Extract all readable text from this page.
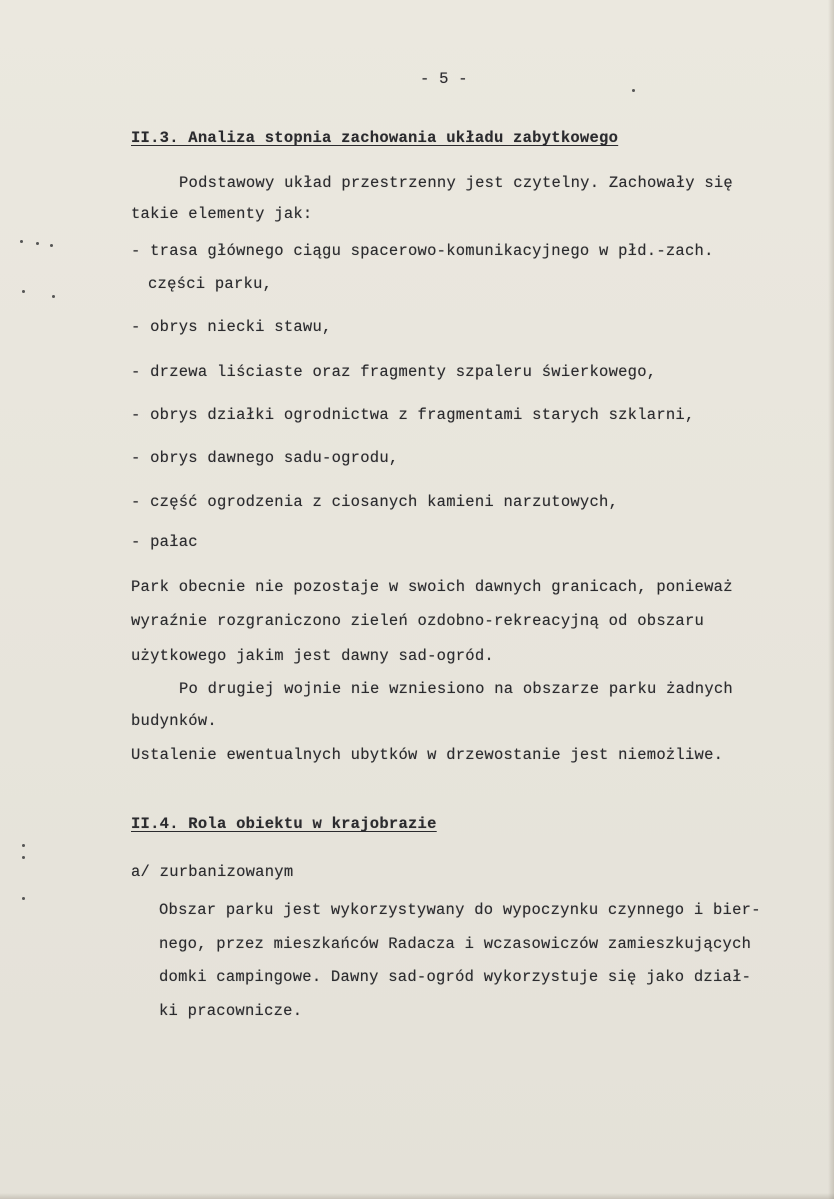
- 5 -
II.3. Analiza stopnia zachowania układu zabytkowego
Podstawowy układ przestrzenny jest czytelny. Zachowały się
takie elementy jak:
- trasa głównego ciągu spacerowo-komunikacyjnego w płd.-zach.
części parku,
- obrys niecki stawu,
- drzewa liściaste oraz fragmenty szpaleru świerkowego,
- obrys działki ogrodnictwa z fragmentami starych szklarni,
- obrys dawnego sadu-ogrodu,
- część ogrodzenia z ciosanych kamieni narzutowych,
- pałac
Park obecnie nie pozostaje w swoich dawnych granicach, ponieważ
wyraźnie rozgraniczono zieleń ozdobno-rekreacyjną od obszaru
użytkowego jakim jest dawny sad-ogród.
Po drugiej wojnie nie wzniesiono na obszarze parku żadnych
budynków.
Ustalenie ewentualnych ubytków w drzewostanie jest niemożliwe.
II.4. Rola obiektu w krajobrazie
a/ zurbanizowanym
Obszar parku jest wykorzystywany do wypoczynku czynnego i bier-
nego, przez mieszkańców Radacza i wczasowiczów zamieszkujących
domki campingowe. Dawny sad-ogród wykorzystuje się jako dział-
ki pracownicze.
